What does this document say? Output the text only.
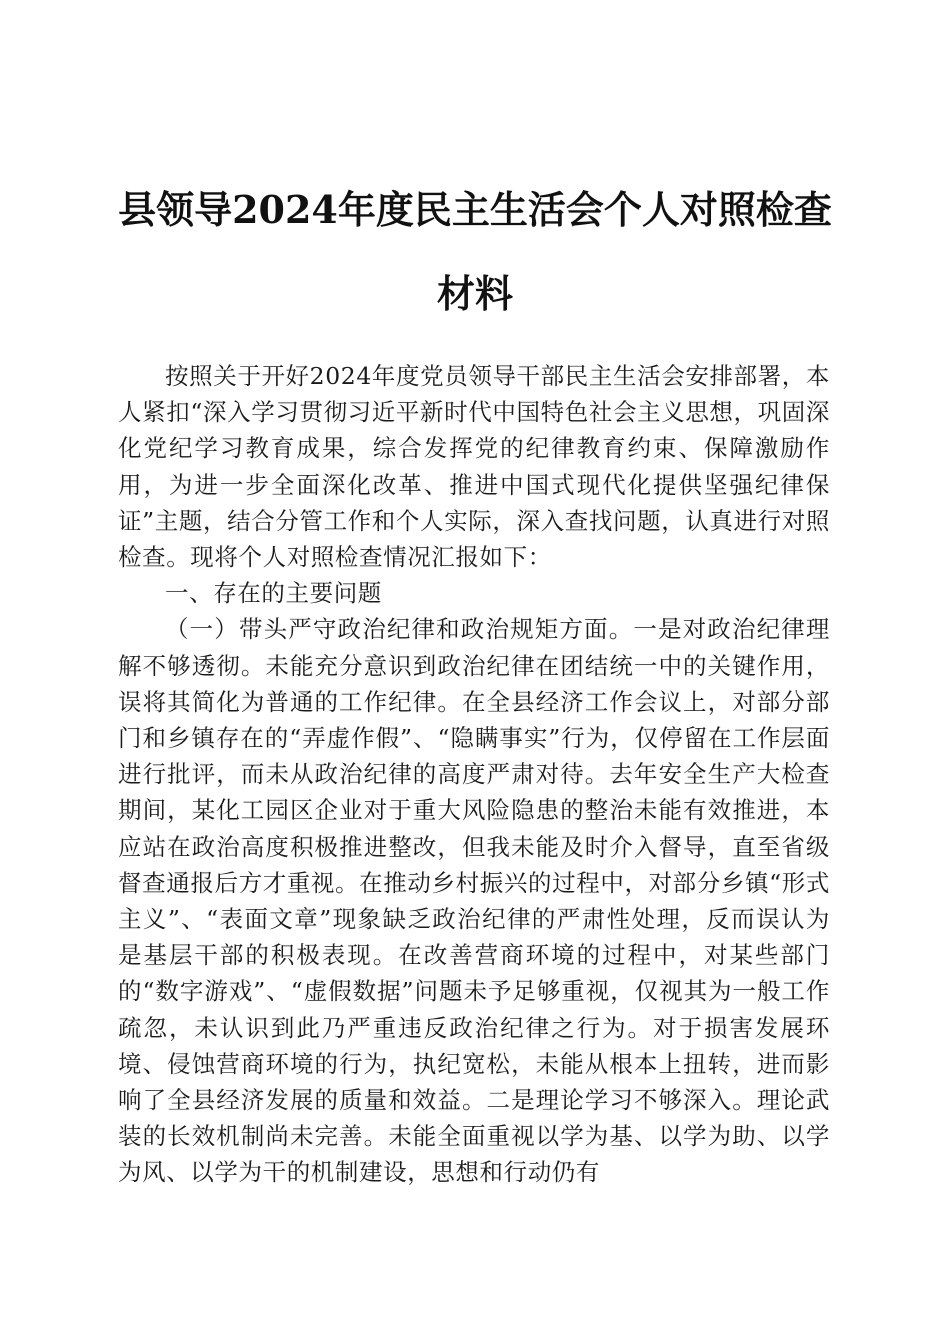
县领导2024年度民主生活会个人对照检查材料

按照关于开好2024年度党员领导干部民主生活会安排部署，本人紧扣“深入学习贯彻习近平新时代中国特色社会主义思想，巩固深化党纪学习教育成果，综合发挥党的纪律教育约束、保障激励作用，为进一步全面深化改革、推进中国式现代化提供坚强纪律保证”主题，结合分管工作和个人实际，深入查找问题，认真进行对照检查。现将个人对照检查情况汇报如下：

一、存在的主要问题

（一）带头严守政治纪律和政治规矩方面。一是对政治纪律理解不够透彻。未能充分意识到政治纪律在团结统一中的关键作用，误将其简化为普通的工作纪律。在全县经济工作会议上，对部分部门和乡镇存在的“弄虚作假”、“隐瞒事实”行为，仅停留在工作层面进行批评，而未从政治纪律的高度严肃对待。去年安全生产大检查期间，某化工园区企业对于重大风险隐患的整治未能有效推进，本应站在政治高度积极推进整改，但我未能及时介入督导，直至省级督查通报后方才重视。在推动乡村振兴的过程中，对部分乡镇“形式主义”、“表面文章”现象缺乏政治纪律的严肃性处理，反而误认为是基层干部的积极表现。在改善营商环境的过程中，对某些部门的“数字游戏”、“虚假数据”问题未予足够重视，仅视其为一般工作疏忽，未认识到此乃严重违反政治纪律之行为。对于损害发展环境、侵蚀营商环境的行为，执纪宽松，未能从根本上扭转，进而影响了全县经济发展的质量和效益。二是理论学习不够深入。理论武装的长效机制尚未完善。未能全面重视以学为基、以学为助、以学为风、以学为干的机制建设，思想和行动仍有
